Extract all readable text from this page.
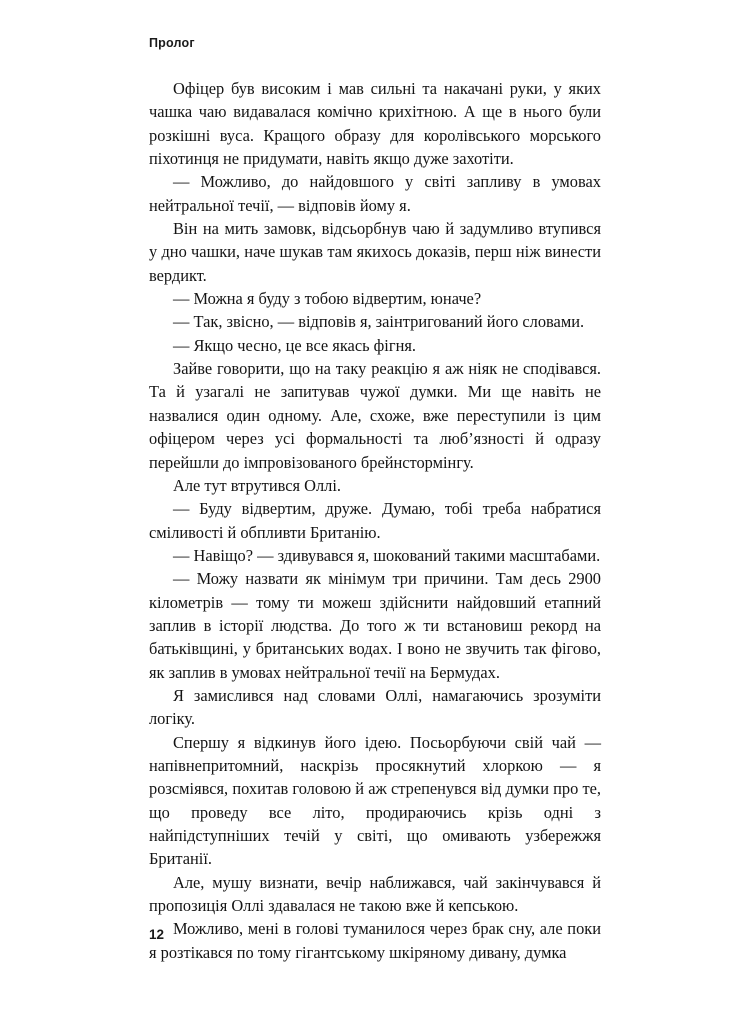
Пролог

Офіцер був високим і мав сильні та накачані руки, у яких чашка чаю видавалася комічно крихітною. А ще в нього були розкішні вуса. Кращого образу для королівського морського піхотинця не придумати, навіть якщо дуже захотіти.

— Можливо, до найдовшого у світі запливу в умовах нейтральної течії, — відповів йому я.

Він на мить замовк, відсьорбнув чаю й задумливо втупився у дно чашки, наче шукав там якихось доказів, перш ніж винести вердикт.

— Можна я буду з тобою відвертим, юначе?

— Так, звісно, — відповів я, заінтригований його словами.

— Якщо чесно, це все якась фігня.

Зайве говорити, що на таку реакцію я аж ніяк не сподівався. Та й узагалі не запитував чужої думки. Ми ще навіть не назвалися один одному. Але, схоже, вже переступили із цим офіцером через усі формальності та люб’язності й одразу перейшли до імпровізованого брейнстормінгу.

Але тут втрутився Оллі.

— Буду відвертим, друже. Думаю, тобі треба набратися сміливості й обпливти Британію.

— Навіщо? — здивувався я, шокований такими масштабами.

— Можу назвати як мінімум три причини. Там десь 2900 кілометрів — тому ти можеш здійснити найдовший етапний заплив в історії людства. До того ж ти встановиш рекорд на батьківщині, у британських водах. І воно не звучить так фігово, як заплив в умовах нейтральної течії на Бермудах.

Я замислився над словами Оллі, намагаючись зрозуміти логіку.

Спершу я відкинув його ідею. Посьорбуючи свій чай — напівнепритомний, наскрізь просякнутий хлоркою — я розсміявся, похитав головою й аж стрепенувся від думки про те, що проведу все літо, продираючись крізь одні з найпідступніших течій у світі, що омивають узбережжя Британії.

Але, мушу визнати, вечір наближався, чай закінчувався й пропозиція Оллі здавалася не такою вже й кепською.

Можливо, мені в голові туманилося через брак сну, але поки я розтікався по тому гігантському шкіряному дивану, думка

12
